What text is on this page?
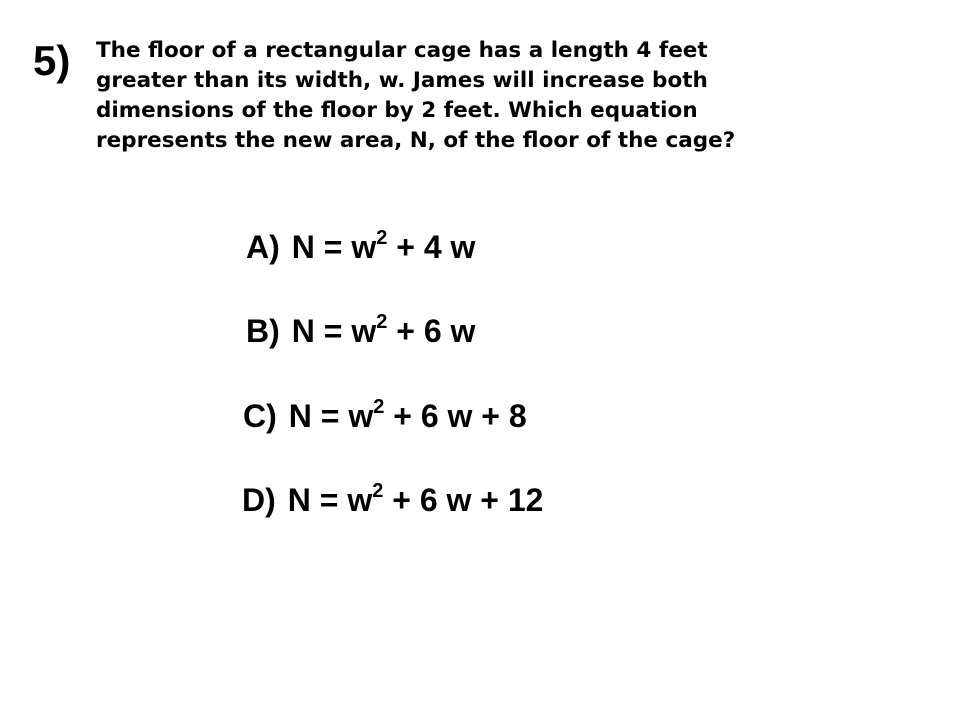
5) The floor of a rectangular cage has a length 4 feet
greater than its width, w. James will increase both
dimensions of the floor by 2 feet. Which equation
represents the new area, N, of the floor of the cage?
A) $N = w^2 + 4$ w
B) $N = w^2 + 6$ w
C) $N = w^2 + 6$ w + 8
D) $N = w^2 + 6$ w + 12
